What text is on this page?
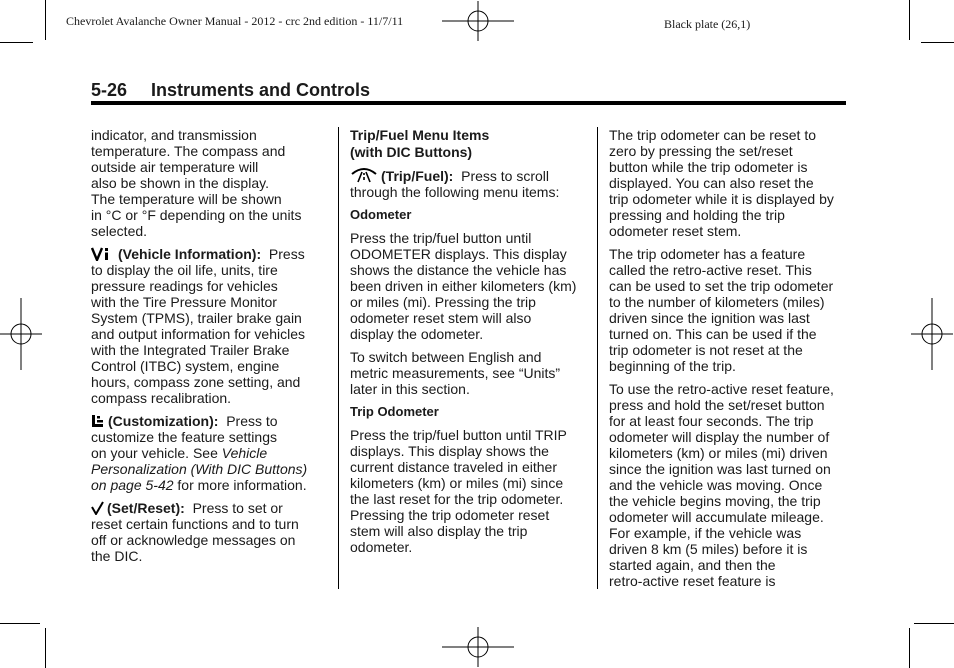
Chevrolet Avalanche Owner Manual - 2012 - crc 2nd edition - 11/7/11	Black plate (26,1)
5-26 Instruments and Controls

indicator, and transmission
temperature. The compass and
outside air temperature will
also be shown in the display.
The temperature will be shown
in °C or °F depending on the units
selected.

(Vehicle Information): Press
to display the oil life, units, tire
pressure readings for vehicles
with the Tire Pressure Monitor
System (TPMS), trailer brake gain
and output information for vehicles
with the Integrated Trailer Brake
Control (ITBC) system, engine
hours, compass zone setting, and
compass recalibration.

(Customization): Press to
customize the feature settings
on your vehicle. See Vehicle
Personalization (With DIC Buttons)
on page 5-42 for more information.

(Set/Reset): Press to set or
reset certain functions and to turn
off or acknowledge messages on
the DIC.

Trip/Fuel Menu Items
(with DIC Buttons)

(Trip/Fuel): Press to scroll
through the following menu items:

Odometer

Press the trip/fuel button until
ODOMETER displays. This display
shows the distance the vehicle has
been driven in either kilometers (km)
or miles (mi). Pressing the trip
odometer reset stem will also
display the odometer.

To switch between English and
metric measurements, see “Units”
later in this section.

Trip Odometer

Press the trip/fuel button until TRIP
displays. This display shows the
current distance traveled in either
kilometers (km) or miles (mi) since
the last reset for the trip odometer.
Pressing the trip odometer reset
stem will also display the trip
odometer.

The trip odometer can be reset to
zero by pressing the set/reset
button while the trip odometer is
displayed. You can also reset the
trip odometer while it is displayed by
pressing and holding the trip
odometer reset stem.

The trip odometer has a feature
called the retro-active reset. This
can be used to set the trip odometer
to the number of kilometers (miles)
driven since the ignition was last
turned on. This can be used if the
trip odometer is not reset at the
beginning of the trip.

To use the retro-active reset feature,
press and hold the set/reset button
for at least four seconds. The trip
odometer will display the number of
kilometers (km) or miles (mi) driven
since the ignition was last turned on
and the vehicle was moving. Once
the vehicle begins moving, the trip
odometer will accumulate mileage.
For example, if the vehicle was
driven 8 km (5 miles) before it is
started again, and then the
retro-active reset feature is
